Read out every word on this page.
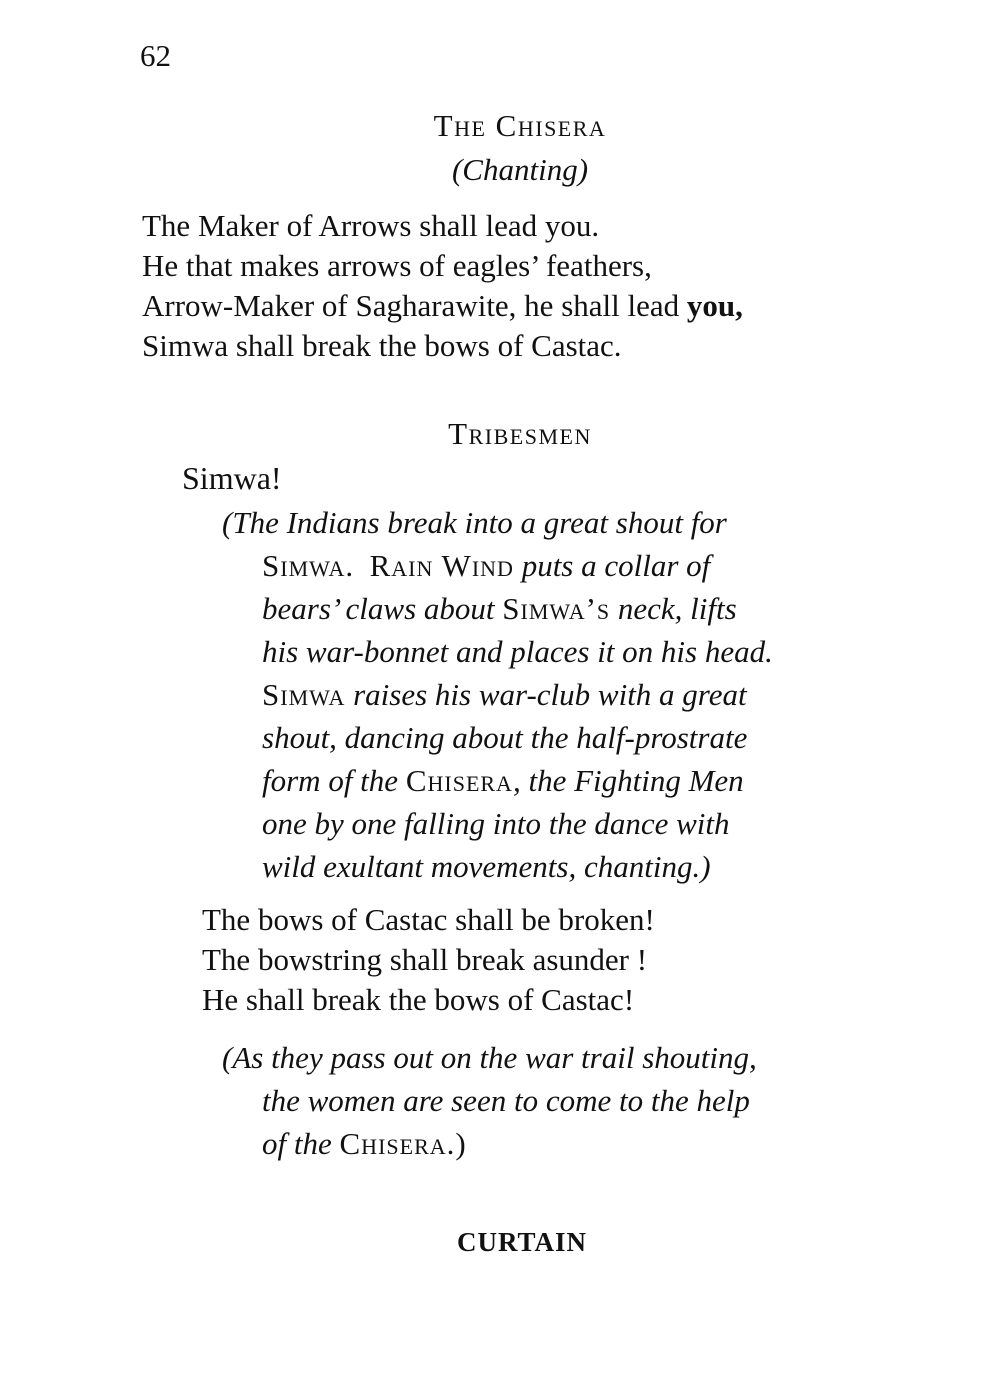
62
The Chisera
(Chanting)
The Maker of Arrows shall lead you.
He that makes arrows of eagles’ feathers,
Arrow-Maker of Sagharawite, he shall lead you,
Simwa shall break the bows of Castac.
Tribesmen
Simwa!
(The Indians break into a great shout for
Simwa. Rain Wind puts a collar of
bears’ claws about Simwa’s neck, lifts
his war-bonnet and places it on his head.
Simwa raises his war-club with a great
shout, dancing about the half-prostrate
form of the Chisera, the Fighting Men
one by one falling into the dance with
wild exultant movements, chanting.)
The bows of Castac shall be broken!
The bowstring shall break asunder !
He shall break the bows of Castac!
(As they pass out on the war trail shouting,
the women are seen to come to the help
of the Chisera.)
CURTAIN
